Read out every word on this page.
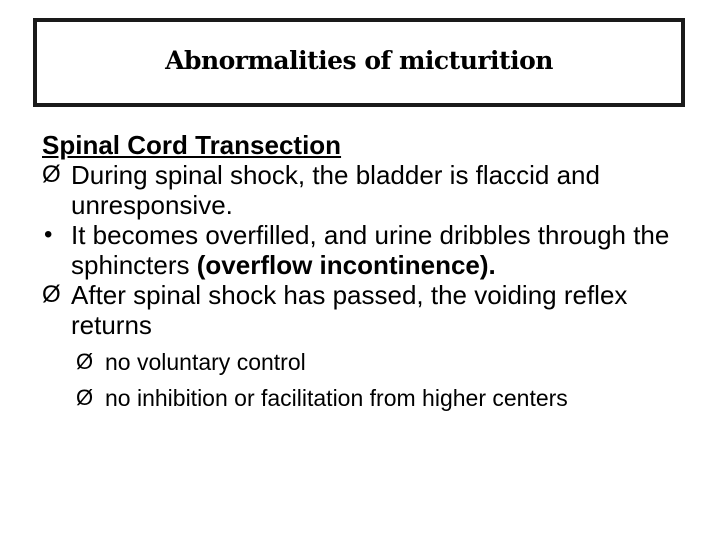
Abnormalities of micturition

Spinal Cord Transection

Ø During spinal shock, the bladder is flaccid and unresponsive.

• It becomes overfilled, and urine dribbles through the sphincters (overflow incontinence).

Ø After spinal shock has passed, the voiding reflex returns

Ø no voluntary control
Ø no inhibition or facilitation from higher centers
